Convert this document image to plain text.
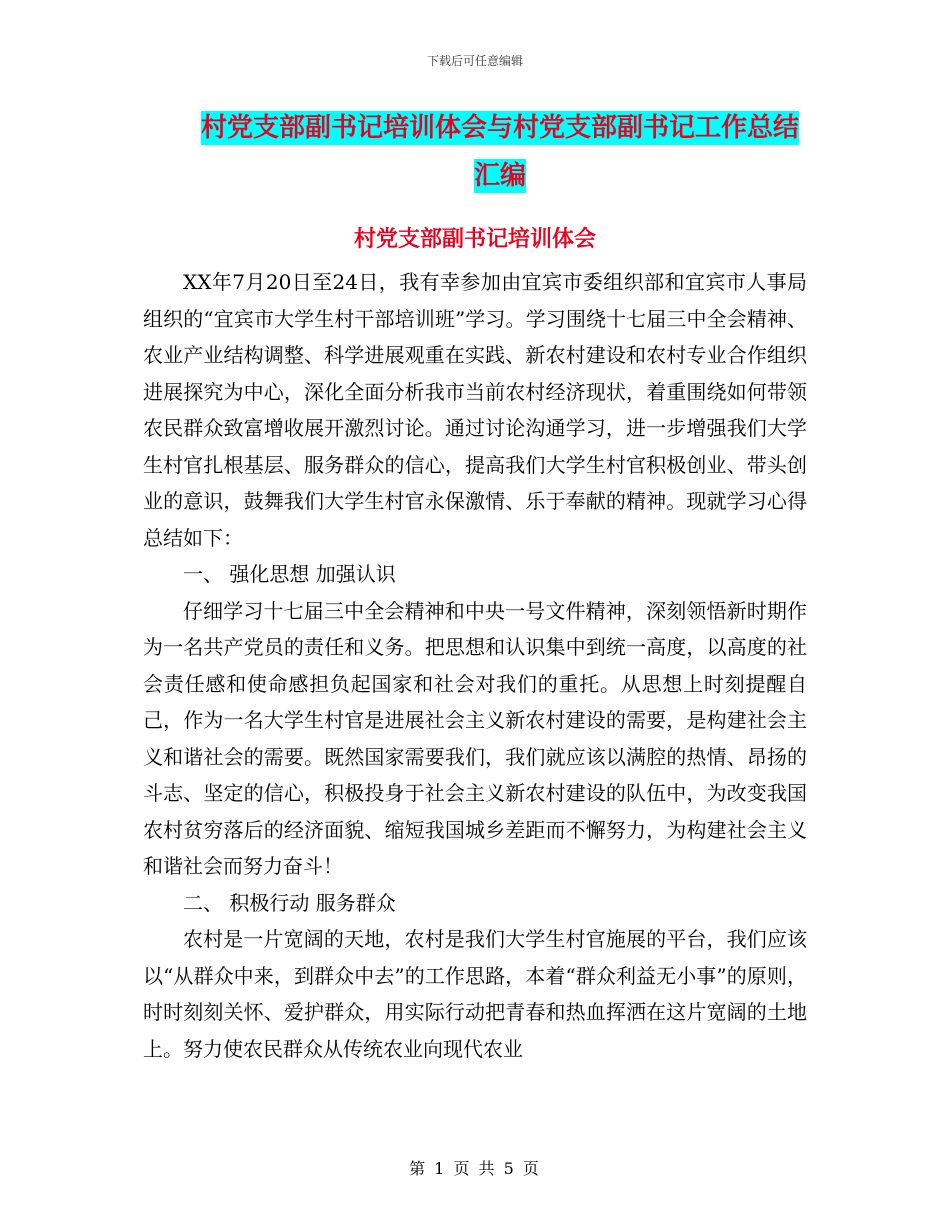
下载后可任意编辑
村党支部副书记培训体会与村党支部副书记工作总结
汇编
村党支部副书记培训体会

XX年7月20日至24日，我有幸参加由宜宾市委组织部和宜宾市人事局组织的“宜宾市大学生村干部培训班”学习。学习围绕十七届三中全会精神、农业产业结构调整、科学进展观重在实践、新农村建设和农村专业合作组织进展探究为中心，深化全面分析我市当前农村经济现状，着重围绕如何带领农民群众致富增收展开激烈讨论。通过讨论沟通学习，进一步增强我们大学生村官扎根基层、服务群众的信心，提高我们大学生村官积极创业、带头创业的意识，鼓舞我们大学生村官永保激情、乐于奉献的精神。现就学习心得总结如下：

一、 强化思想 加强认识

仔细学习十七届三中全会精神和中央一号文件精神，深刻领悟新时期作为一名共产党员的责任和义务。把思想和认识集中到统一高度，以高度的社会责任感和使命感担负起国家和社会对我们的重托。从思想上时刻提醒自己，作为一名大学生村官是进展社会主义新农村建设的需要，是构建社会主义和谐社会的需要。既然国家需要我们，我们就应该以满腔的热情、昂扬的斗志、坚定的信心，积极投身于社会主义新农村建设的队伍中，为改变我国农村贫穷落后的经济面貌、缩短我国城乡差距而不懈努力，为构建社会主义和谐社会而努力奋斗！

二、 积极行动 服务群众

农村是一片宽阔的天地，农村是我们大学生村官施展的平台，我们应该以“从群众中来，到群众中去”的工作思路，本着“群众利益无小事”的原则，时时刻刻关怀、爱护群众，用实际行动把青春和热血挥洒在这片宽阔的土地上。努力使农民群众从传统农业向现代农业

第 1 页 共 5 页
